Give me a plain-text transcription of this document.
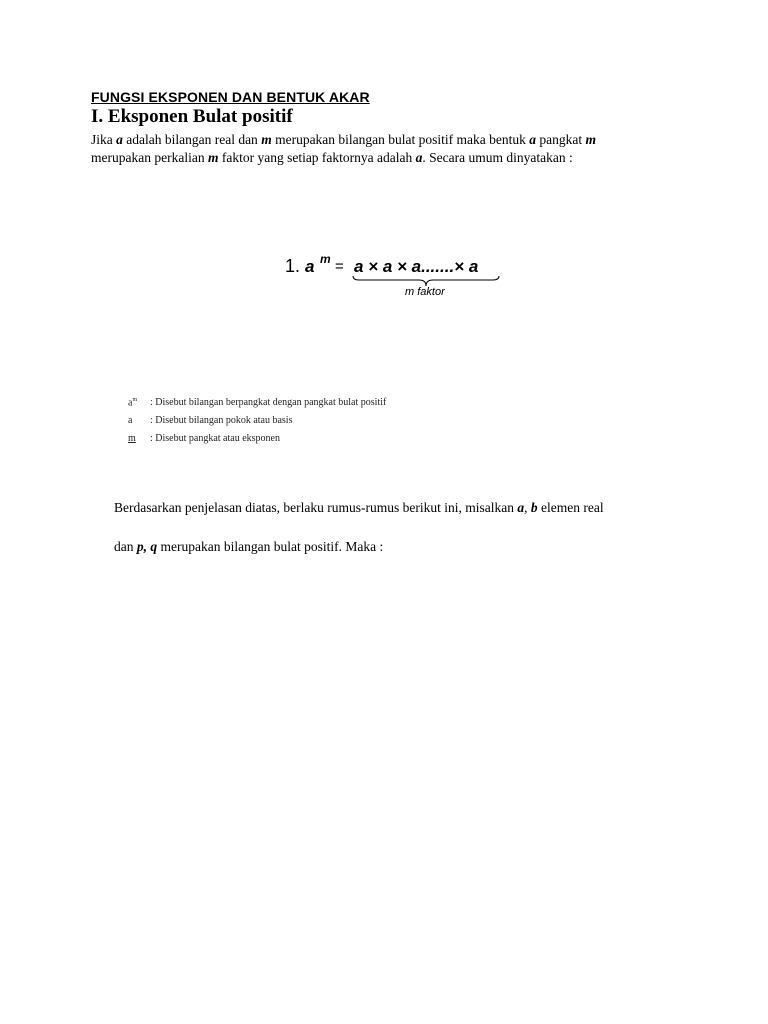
FUNGSI EKSPONEN DAN BENTUK AKAR
I. Eksponen Bulat positif
Jika a adalah bilangan real dan m merupakan bilangan bulat positif maka bentuk a pangkat m
merupakan perkalian m faktor yang setiap faktornya adalah a. Secara umum dinyatakan :
1. a m = a × a × a.......× a
m faktor
$a^m$	: Disebut bilangan berpangkat dengan pangkat bulat positif
a	: Disebut bilangan pokok atau basis
m	: Disebut pangkat atau eksponen
Berdasarkan penjelasan diatas, berlaku rumus-rumus berikut ini, misalkan a, b elemen real
dan p, q merupakan bilangan bulat positif. Maka :
